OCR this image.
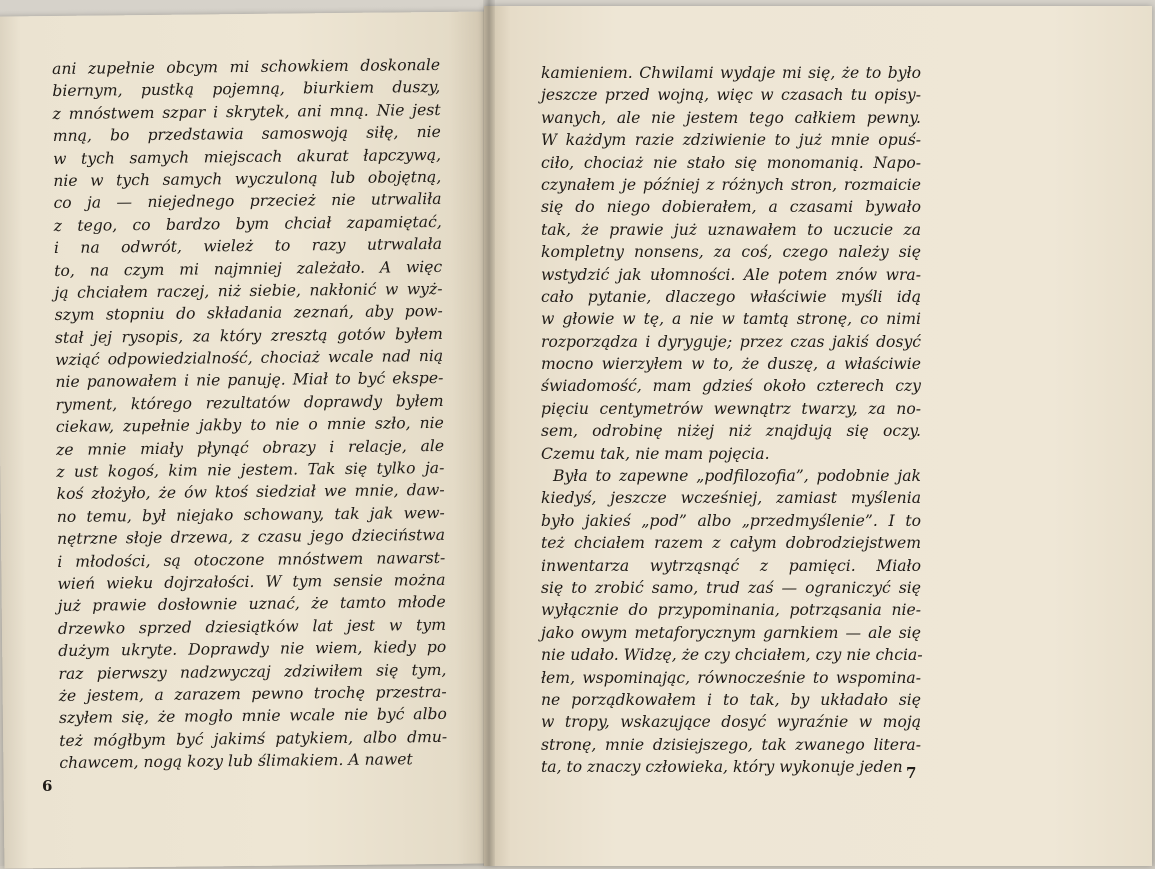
ani zupełnie obcym mi schowkiem doskonale
biernym, pustką pojemną, biurkiem duszy,
z mnóstwem szpar i skrytek, ani mną. Nie jest
mną, bo przedstawia samoswoją siłę, nie
w tych samych miejscach akurat łapczywą,
nie w tych samych wyczuloną lub obojętną,
co ja — niejednego przecież nie utrwaliła
z tego, co bardzo bym chciał zapamiętać,
i na odwrót, wieleż to razy utrwalała
to, na czym mi najmniej zależało. A więc
ją chciałem raczej, niż siebie, nakłonić w wyż-
szym stopniu do składania zeznań, aby pow-
stał jej rysopis, za który zresztą gotów byłem
wziąć odpowiedzialność, chociaż wcale nad nią
nie panowałem i nie panuję. Miał to być ekspe-
ryment, którego rezultatów doprawdy byłem
ciekaw, zupełnie jakby to nie o mnie szło, nie
ze mnie miały płynąć obrazy i relacje, ale
z ust kogoś, kim nie jestem. Tak się tylko ja-
koś złożyło, że ów ktoś siedział we mnie, daw-
no temu, był niejako schowany, tak jak wew-
nętrzne słoje drzewa, z czasu jego dzieciństwa
i młodości, są otoczone mnóstwem nawarst-
wień wieku dojrzałości. W tym sensie można
już prawie dosłownie uznać, że tamto młode
drzewko sprzed dziesiątków lat jest w tym
dużym ukryte. Doprawdy nie wiem, kiedy po
raz pierwszy nadzwyczaj zdziwiłem się tym,
że jestem, a zarazem pewno trochę przestra-
szyłem się, że mogło mnie wcale nie być albo
też mógłbym być jakimś patykiem, albo dmu-
chawcem, nogą kozy lub ślimakiem. A nawet
kamieniem. Chwilami wydaje mi się, że to było
jeszcze przed wojną, więc w czasach tu opisy-
wanych, ale nie jestem tego całkiem pewny.
W każdym razie zdziwienie to już mnie opuś-
ciło, chociaż nie stało się monomanią. Napo-
czynałem je później z różnych stron, rozmaicie
się do niego dobierałem, a czasami bywało
tak, że prawie już uznawałem to uczucie za
kompletny nonsens, za coś, czego należy się
wstydzić jak ułomności. Ale potem znów wra-
cało pytanie, dlaczego właściwie myśli idą
w głowie w tę, a nie w tamtą stronę, co nimi
rozporządza i dyryguje; przez czas jakiś dosyć
mocno wierzyłem w to, że duszę, a właściwie
świadomość, mam gdzieś około czterech czy
pięciu centymetrów wewnątrz twarzy, za no-
sem, odrobinę niżej niż znajdują się oczy.
Czemu tak, nie mam pojęcia.
Była to zapewne „podfilozofia”, podobnie jak
kiedyś, jeszcze wcześniej, zamiast myślenia
było jakieś „pod” albo „przedmyślenie”. I to
też chciałem razem z całym dobrodziejstwem
inwentarza wytrząsnąć z pamięci. Miało
się to zrobić samo, trud zaś — ograniczyć się
wyłącznie do przypominania, potrząsania nie-
jako owym metaforycznym garnkiem — ale się
nie udało. Widzę, że czy chciałem, czy nie chcia-
łem, wspominając, równocześnie to wspomina-
ne porządkowałem i to tak, by układało się
w tropy, wskazujące dosyć wyraźnie w moją
stronę, mnie dzisiejszego, tak zwanego litera-
ta, to znaczy człowieka, który wykonuje jeden
6
7
